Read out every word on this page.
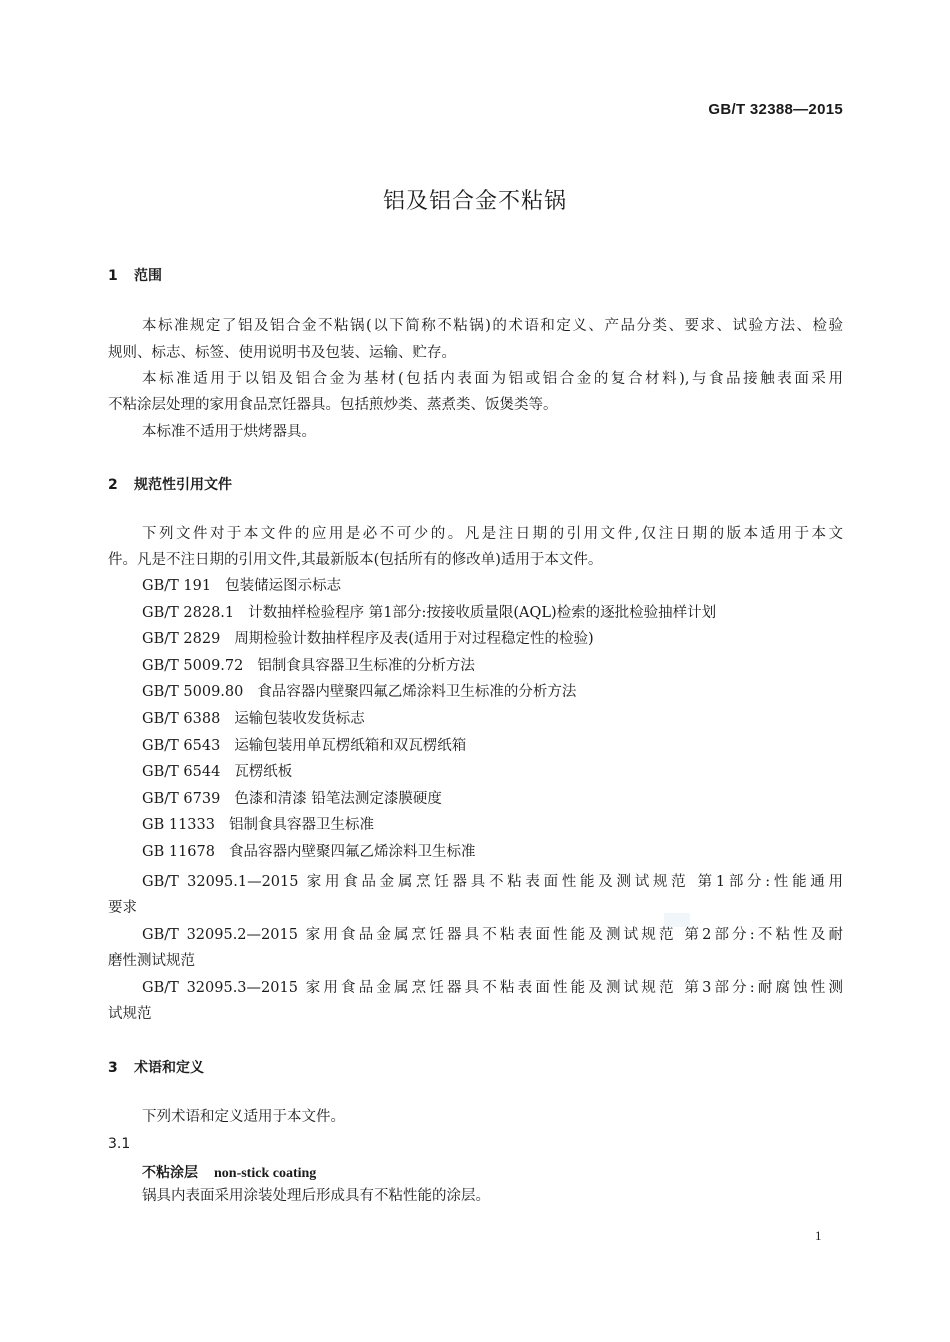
GB/T 32388—2015
铝及铝合金不粘锅
1 范围
本标准规定了铝及铝合金不粘锅(以下简称不粘锅)的术语和定义、产品分类、要求、试验方法、检验
规则、标志、标签、使用说明书及包装、运输、贮存。
本标准适用于以铝及铝合金为基材(包括内表面为铝或铝合金的复合材料),与食品接触表面采用
不粘涂层处理的家用食品烹饪器具。包括煎炒类、蒸煮类、饭煲类等。
本标准不适用于烘烤器具。
2 规范性引用文件
下列文件对于本文件的应用是必不可少的。凡是注日期的引用文件,仅注日期的版本适用于本文
件。凡是不注日期的引用文件,其最新版本(包括所有的修改单)适用于本文件。
GB/T 191 包装储运图示标志
GB/T 2828.1 计数抽样检验程序 第1部分:按接收质量限(AQL)检索的逐批检验抽样计划
GB/T 2829 周期检验计数抽样程序及表(适用于对过程稳定性的检验)
GB/T 5009.72 铝制食具容器卫生标准的分析方法
GB/T 5009.80 食品容器内壁聚四氟乙烯涂料卫生标准的分析方法
GB/T 6388 运输包装收发货标志
GB/T 6543 运输包装用单瓦楞纸箱和双瓦楞纸箱
GB/T 6544 瓦楞纸板
GB/T 6739 色漆和清漆 铅笔法测定漆膜硬度
GB 11333 铝制食具容器卫生标准
GB 11678 食品容器内壁聚四氟乙烯涂料卫生标准
GB/T 32095.1—2015 家用食品金属烹饪器具不粘表面性能及测试规范 第1部分:性能通用
要求
GB/T 32095.2—2015 家用食品金属烹饪器具不粘表面性能及测试规范 第2部分:不粘性及耐
磨性测试规范
GB/T 32095.3—2015 家用食品金属烹饪器具不粘表面性能及测试规范 第3部分:耐腐蚀性测
试规范
3 术语和定义
下列术语和定义适用于本文件。
3.1
不粘涂层 non-stick coating
锅具内表面采用涂装处理后形成具有不粘性能的涂层。
1
